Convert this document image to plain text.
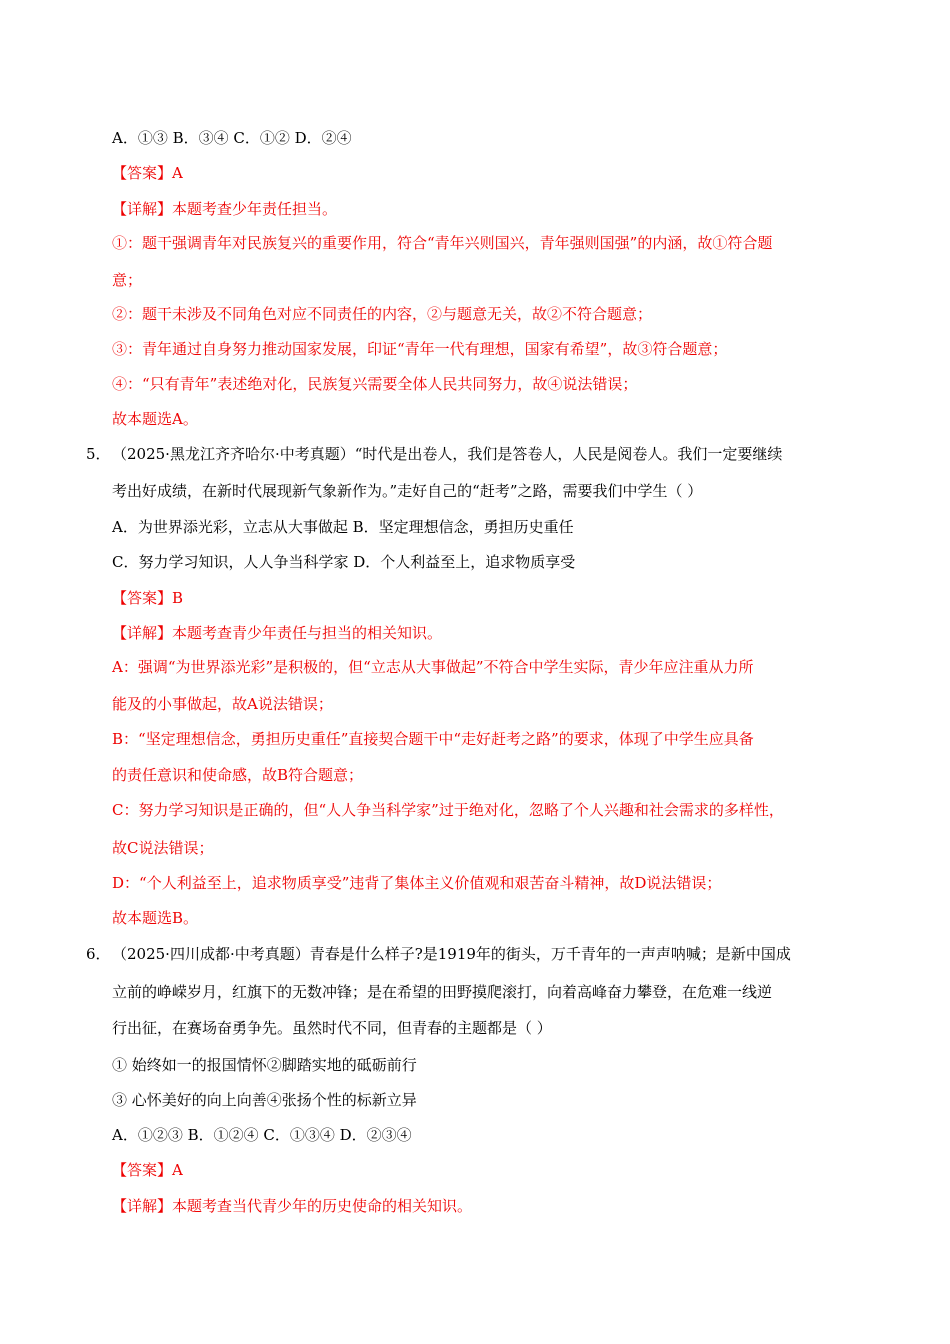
A．①③ B．③④ C．①② D．②④
【答案】A
【详解】本题考查少年责任担当。
①：题干强调青年对民族复兴的重要作用，符合“青年兴则国兴，青年强则国强”的内涵，故①符合题
意；
②：题干未涉及不同角色对应不同责任的内容，②与题意无关，故②不符合题意；
③：青年通过自身努力推动国家发展，印证“青年一代有理想，国家有希望”，故③符合题意；
④：“只有青年”表述绝对化，民族复兴需要全体人民共同努力，故④说法错误；
故本题选A。
5． （2025·黑龙江齐齐哈尔·中考真题）“时代是出卷人，我们是答卷人，人民是阅卷人。我们一定要继续
考出好成绩，在新时代展现新气象新作为。”走好自己的“赶考”之路，需要我们中学生（ ）
A．为世界添光彩，立志从大事做起 B．坚定理想信念，勇担历史重任
C．努力学习知识，人人争当科学家 D．个人利益至上，追求物质享受
【答案】B
【详解】本题考查青少年责任与担当的相关知识。
A：强调“为世界添光彩”是积极的，但“立志从大事做起”不符合中学生实际，青少年应注重从力所
能及的小事做起，故A说法错误；
B：“坚定理想信念，勇担历史重任”直接契合题干中“走好赶考之路”的要求，体现了中学生应具备
的责任意识和使命感，故B符合题意；
C：努力学习知识是正确的，但“人人争当科学家”过于绝对化，忽略了个人兴趣和社会需求的多样性，
故C说法错误；
D：“个人利益至上，追求物质享受”违背了集体主义价值观和艰苦奋斗精神，故D说法错误；
故本题选B。
6． （2025·四川成都·中考真题）青春是什么样子?是1919年的街头，万千青年的一声声呐喊；是新中国成
立前的峥嵘岁月，红旗下的无数冲锋；是在希望的田野摸爬滚打，向着高峰奋力攀登，在危难一线逆
行出征，在赛场奋勇争先。虽然时代不同，但青春的主题都是（ ）
① 始终如一的报国情怀②脚踏实地的砥砺前行
③ 心怀美好的向上向善④张扬个性的标新立异
A．①②③ B．①②④ C．①③④ D．②③④
【答案】A
【详解】本题考查当代青少年的历史使命的相关知识。
